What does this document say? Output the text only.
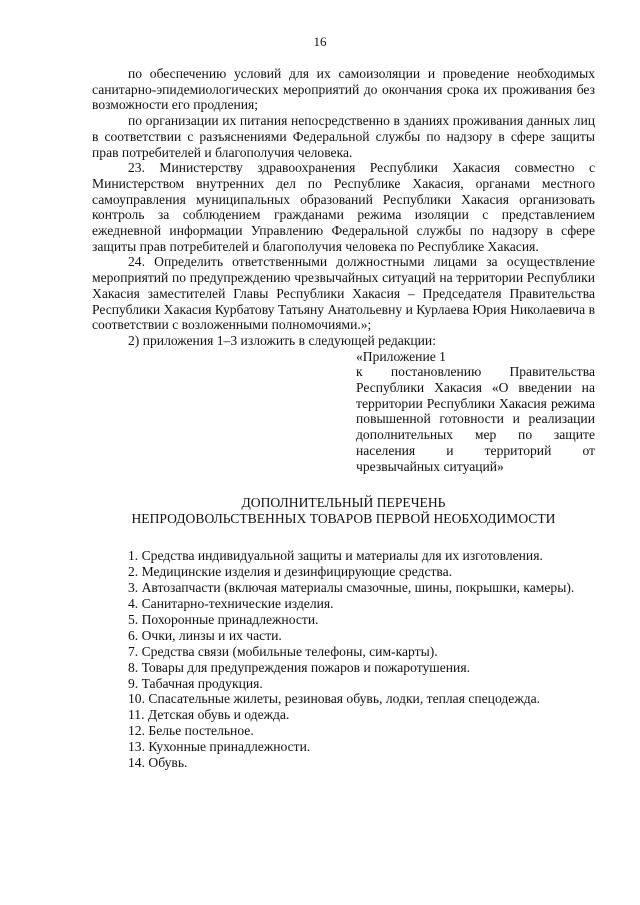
16

по обеспечению условий для их самоизоляции и проведение необходимых санитарно-эпидемиологических мероприятий до окончания срока их проживания без возможности его продления;

по организации их питания непосредственно в зданиях проживания данных лиц в соответствии с разъяснениями Федеральной службы по надзору в сфере защиты прав потребителей и благополучия человека.

23. Министерству здравоохранения Республики Хакасия совместно с Министерством внутренних дел по Республике Хакасия, органами местного самоуправления муниципальных образований Республики Хакасия организовать контроль за соблюдением гражданами режима изоляции с представлением ежедневной информации Управлению Федеральной службы по надзору в сфере защиты прав потребителей и благополучия человека по Республике Хакасия.

24. Определить ответственными должностными лицами за осуществление мероприятий по предупреждению чрезвычайных ситуаций на территории Республики Хакасия заместителей Главы Республики Хакасия – Председателя Правительства Республики Хакасия Курбатову Татьяну Анатольевну и Курлаева Юрия Николаевича в соответствии с возложенными полномочиями.»;

2) приложения 1–3 изложить в следующей редакции:

«Приложение 1

к постановлению Правительства Республики Хакасия «О введении на территории Республики Хакасия режима повышенной готовности и реализации дополнительных мер по защите населения и территорий от чрезвычайных ситуаций»

ДОПОЛНИТЕЛЬНЫЙ ПЕРЕЧЕНЬ
НЕПРОДОВОЛЬСТВЕННЫХ ТОВАРОВ ПЕРВОЙ НЕОБХОДИМОСТИ
1. Средства индивидуальной защиты и материалы для их изготовления.
2. Медицинские изделия и дезинфицирующие средства.
3. Автозапчасти (включая материалы смазочные, шины, покрышки, камеры).
4. Санитарно-технические изделия.
5. Похоронные принадлежности.
6. Очки, линзы и их части.
7. Средства связи (мобильные телефоны, сим-карты).
8. Товары для предупреждения пожаров и пожаротушения.
9. Табачная продукция.
10. Спасательные жилеты, резиновая обувь, лодки, теплая спецодежда.
11. Детская обувь и одежда.
12. Белье постельное.
13. Кухонные принадлежности.
14. Обувь.
